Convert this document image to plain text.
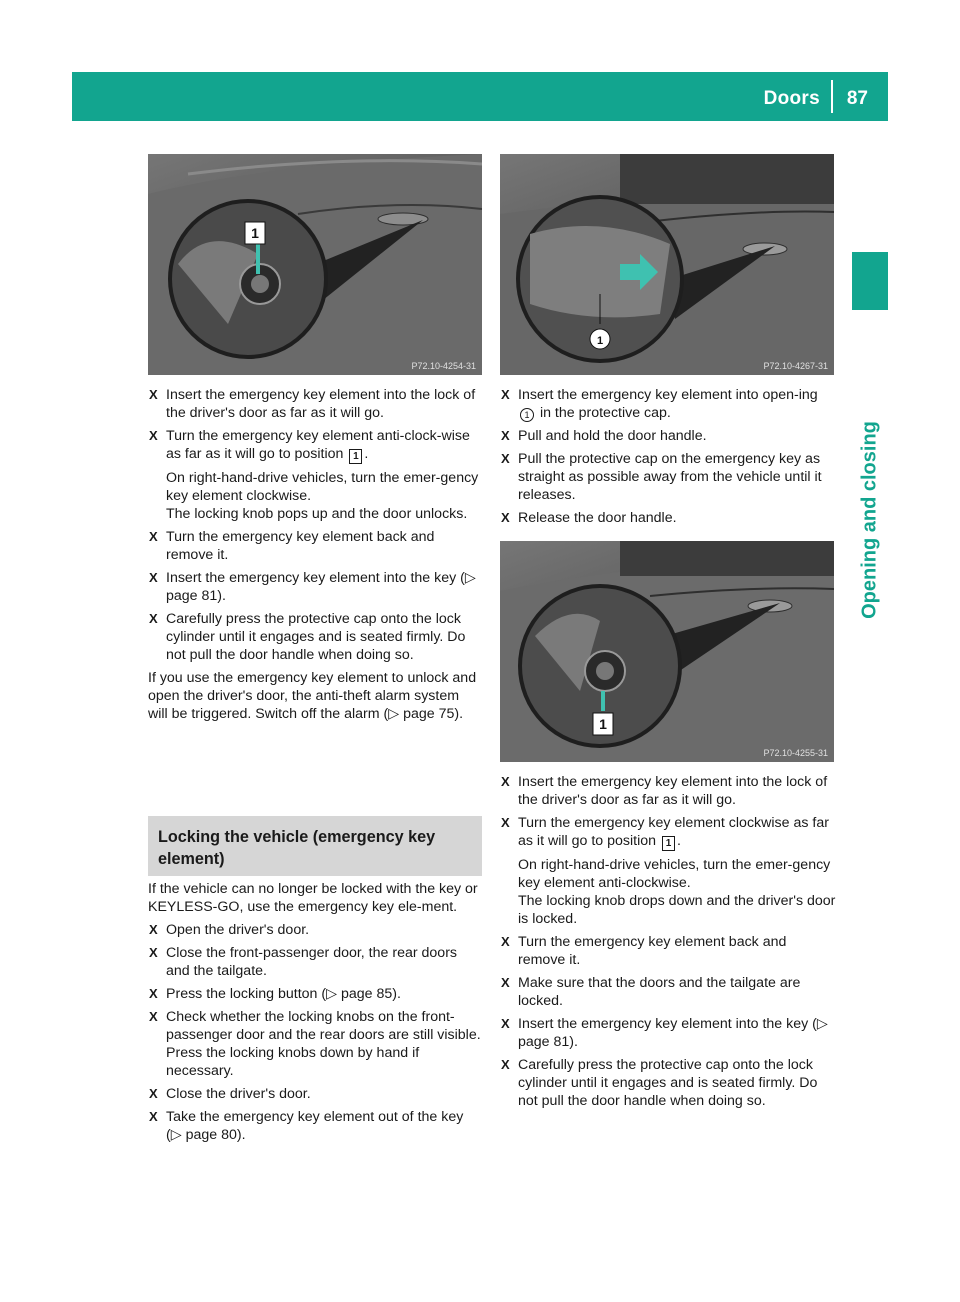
Doors 87
Opening and closing
1
P72.10-4254-31
1
P72.10-4267-31
1
P72.10-4255-31
X Insert the emergency key element into the lock of the driver's door as far as it will go.
X Turn the emergency key element anti-clock-wise as far as it will go to position 1 .
On right-hand-drive vehicles, turn the emer-gency key element clockwise.
The locking knob pops up and the door unlocks.
X Turn the emergency key element back and remove it.
X Insert the emergency key element into the key (▷ page 81).
X Carefully press the protective cap onto the lock cylinder until it engages and is seated firmly. Do not pull the door handle when doing so.
If you use the emergency key element to unlock and open the driver's door, the anti-theft alarm system will be triggered. Switch off the alarm (▷ page 75).
Locking the vehicle (emergency key element)
If the vehicle can no longer be locked with the key or KEYLESS-GO, use the emergency key ele-ment.
X Open the driver's door.
X Close the front-passenger door, the rear doors and the tailgate.
X Press the locking button (▷ page 85).
X Check whether the locking knobs on the front-passenger door and the rear doors are still visible. Press the locking knobs down by hand if necessary.
X Close the driver's door.
X Take the emergency key element out of the key (▷ page 80).
X Insert the emergency key element into open-ing 1 in the protective cap.
X Pull and hold the door handle.
X Pull the protective cap on the emergency key as straight as possible away from the vehicle until it releases.
X Release the door handle.
X Insert the emergency key element into the lock of the driver's door as far as it will go.
X Turn the emergency key element clockwise as far as it will go to position 1 .
On right-hand-drive vehicles, turn the emer-gency key element anti-clockwise.
The locking knob drops down and the driver's door is locked.
X Turn the emergency key element back and remove it.
X Make sure that the doors and the tailgate are locked.
X Insert the emergency key element into the key (▷ page 81).
X Carefully press the protective cap onto the lock cylinder until it engages and is seated firmly. Do not pull the door handle when doing so.
